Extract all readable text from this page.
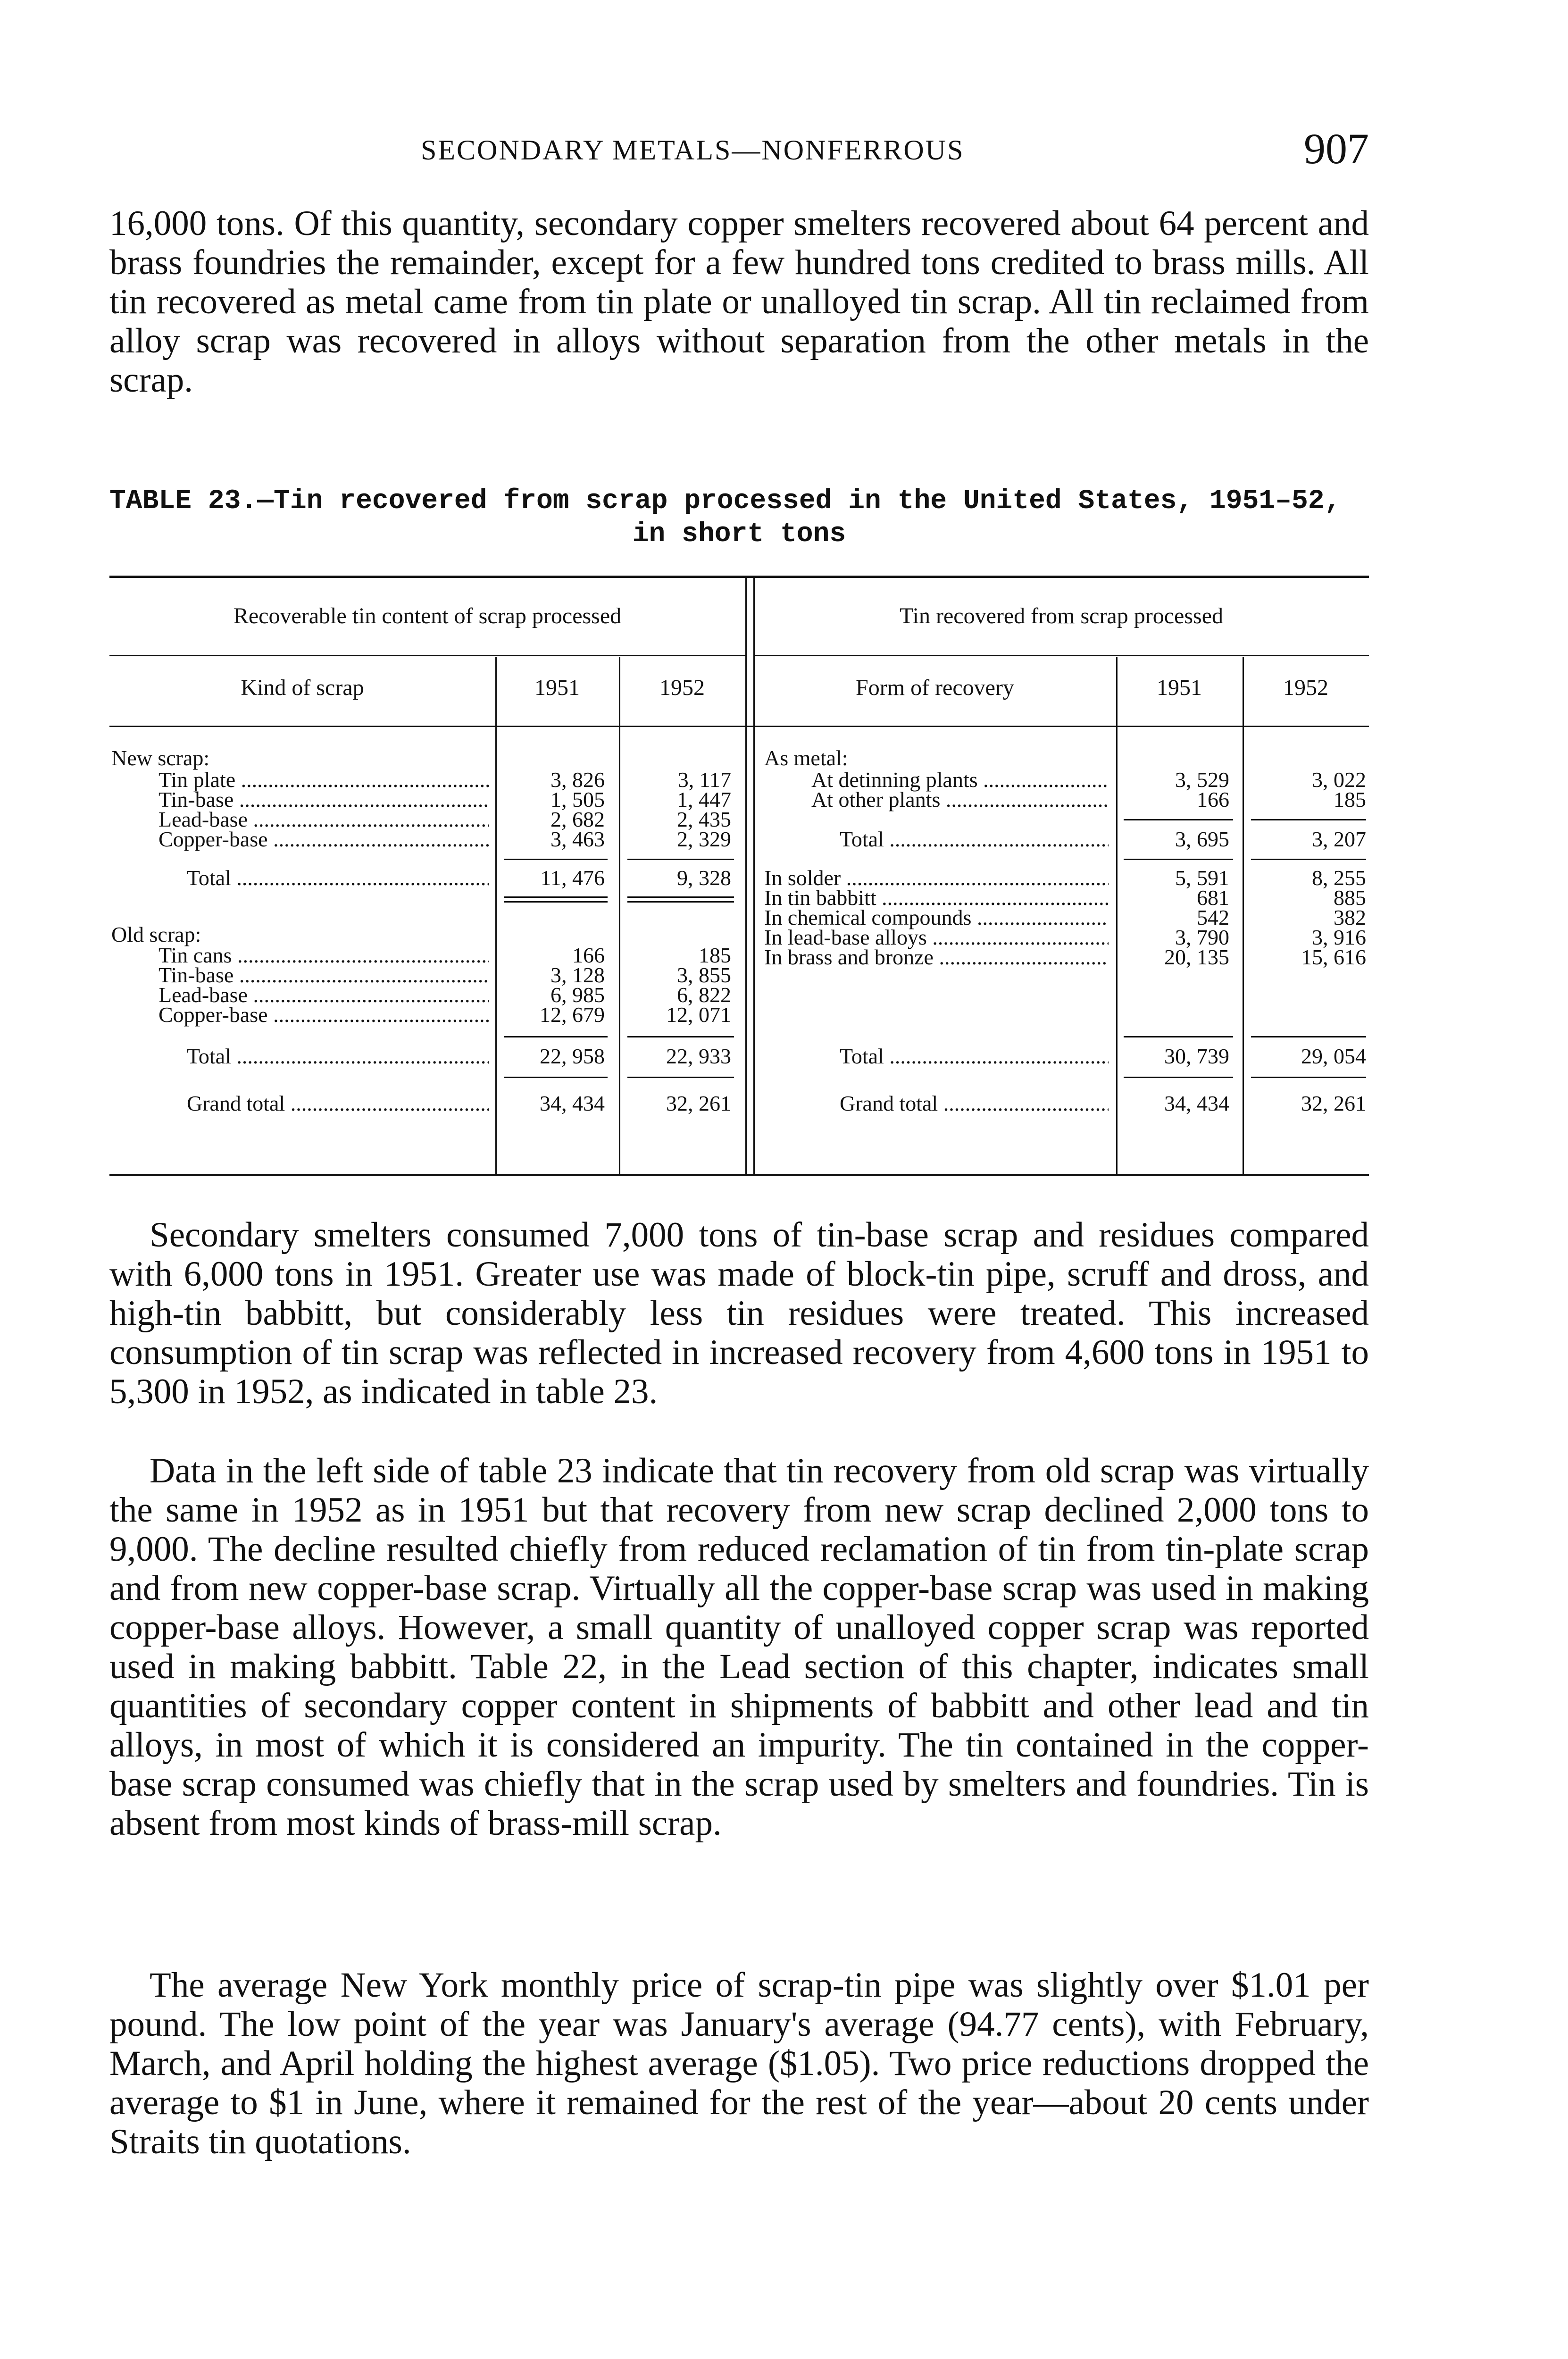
SECONDARY METALS—NONFERROUS	907

16,000 tons. Of this quantity, secondary copper smelters recovered about 64 percent and brass foundries the remainder, except for a few hundred tons credited to brass mills. All tin recovered as metal came from tin plate or unalloyed tin scrap. All tin reclaimed from alloy scrap was recovered in alloys without separation from the other metals in the scrap.

TABLE 23.—Tin recovered from scrap processed in the United States, 1951–52,
in short tons
Recoverable tin content of scrap processed	Tin recovered from scrap processed
Kind of scrap	1951	1952	Form of recovery	1951	1952
New scrap:
Tin plate .....	3, 826	3, 117
Tin-base .....	1, 505	1, 447
Lead-base .....	2, 682	2, 435
Copper-base .....	3, 463	2, 329
Total .....	11, 476	9, 328
Old scrap:
Tin cans .....	166	185
Tin-base .....	3, 128	3, 855
Lead-base .....	6, 985	6, 822
Copper-base .....	12, 679	12, 071
Total .....	22, 958	22, 933
Grand total .....	34, 434	32, 261
As metal:
At detinning plants .....	3, 529	3, 022
At other plants .....	166	185
Total .....	3, 695	3, 207
In solder .....	5, 591	8, 255
In tin babbitt .....	681	885
In chemical compounds .....	542	382
In lead-base alloys .....	3, 790	3, 916
In brass and bronze .....	20, 135	15, 616
Total .....	30, 739	29, 054
Grand total .....	34, 434	32, 261

Secondary smelters consumed 7,000 tons of tin-base scrap and residues compared with 6,000 tons in 1951. Greater use was made of block-tin pipe, scruff and dross, and high-tin babbitt, but considerably less tin residues were treated. This increased consumption of tin scrap was reflected in increased recovery from 4,600 tons in 1951 to 5,300 in 1952, as indicated in table 23.

Data in the left side of table 23 indicate that tin recovery from old scrap was virtually the same in 1952 as in 1951 but that recovery from new scrap declined 2,000 tons to 9,000. The decline resulted chiefly from reduced reclamation of tin from tin-plate scrap and from new copper-base scrap. Virtually all the copper-base scrap was used in making copper-base alloys. However, a small quantity of unalloyed copper scrap was reported used in making babbitt. Table 22, in the Lead section of this chapter, indicates small quantities of secondary copper content in shipments of babbitt and other lead and tin alloys, in most of which it is considered an impurity. The tin contained in the copper-base scrap consumed was chiefly that in the scrap used by smelters and foundries. Tin is absent from most kinds of brass-mill scrap.

The average New York monthly price of scrap-tin pipe was slightly over $1.01 per pound. The low point of the year was January's average (94.77 cents), with February, March, and April holding the highest average ($1.05). Two price reductions dropped the average to $1 in June, where it remained for the rest of the year—about 20 cents under Straits tin quotations.
